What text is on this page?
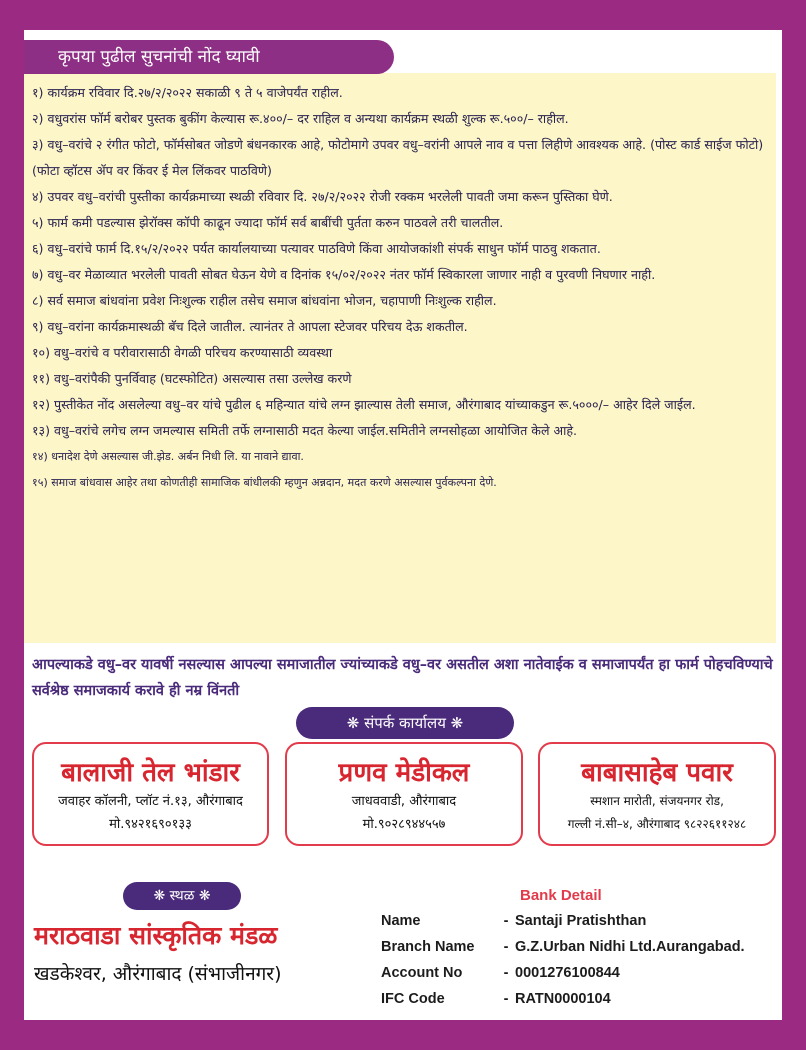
कृपया पुढील सुचनांची नोंद घ्यावी
१) कार्यक्रम रविवार दि.२७/२/२०२२ सकाळी ९ ते ५ वाजेपर्यंत राहील.
२) वधुवरांस फॉर्म बरोबर पुस्तक बुकींग केल्यास रू.४००/– दर राहिल व अन्यथा कार्यक्रम स्थळी शुल्क रू.५००/– राहील.
३) वधु–वरांचे २ रंगीत फोटो, फॉर्मसोबत जोडणे बंधनकारक आहे, फोटोमागे उपवर वधु–वरांनी आपले नाव व पत्ता लिहीणे आवश्यक आहे. (पोस्ट कार्ड साईज फोटो) (फोटा व्हॉटस ॲप वर किंवर ई मेल लिंकवर पाठविणे)
४) उपवर वधु–वरांची पुस्तीका कार्यक्रमाच्या स्थळी रविवार दि. २७/२/२०२२ रोजी रक्कम भरलेली पावती जमा करून पुस्तिका घेणे.
५) फार्म कमी पडल्यास झेरॉक्स कॉपी काढून ज्यादा फॉर्म सर्व बाबींची पुर्तता करुन पाठवले तरी चालतील.
६) वधु–वरांचे फार्म दि.१५/२/२०२२ पर्यत कार्यालयाच्या पत्यावर पाठविणे किंवा आयोजकांशी संपर्क साधुन फॉर्म पाठवु शकतात.
७) वधु–वर मेळाव्यात भरलेली पावती सोबत घेऊन येणे व दिनांक १५/०२/२०२२ नंतर फॉर्म स्विकारला जाणार नाही व पुरवणी निघणार नाही.
८) सर्व समाज बांधवांना प्रवेश निःशुल्क राहील तसेच समाज बांधवांना भोजन, चहापाणी निःशुल्क राहील.
९) वधु–वरांना कार्यक्रमास्थळी बॅच दिले जातील. त्यानंतर ते आपला स्टेजवर परिचय देऊ शकतील.
१०) वधु–वरांचे व परीवारासाठी वेगळी परिचय करण्यासाठी व्यवस्था
११) वधु–वरांपैकी पुनर्विवाह (घटस्फोटित) असल्यास तसा उल्लेख करणे
१२) पुस्तीकेत नोंद असलेल्या वधु–वर यांचे पुढील ६ महिन्यात यांचे लग्न झाल्यास तेली समाज, औरंगाबाद यांच्याकडुन रू.५०००/– आहेर दिले जाईल.
१३) वधु–वरांचे लगेच लग्न जमल्यास समिती तर्फे लग्नासाठी मदत केल्या जाईल.समितीने लग्नसोहळा आयोजित केले आहे.
१४) धनादेश देणे असल्यास जी.झेड. अर्बन निधी लि. या नावाने द्यावा.
१५) समाज बांधवास आहेर तथा कोणतीही सामाजिक बांधीलकी म्हणुन अन्नदान, मदत करणे असल्यास पुर्वकल्पना देणे.
आपल्याकडे वधु–वर यावर्षी नसल्यास आपल्या समाजातील ज्यांच्याकडे वधु–वर असतील अशा नातेवाईक व समाजापर्यंत हा फार्म पोहचविण्याचे सर्वश्रेष्ठ समाजकार्य करावे ही नम्र विंनती
❋ संपर्क कार्यालय ❋
बालाजी तेल भांडार
जवाहर कॉलनी, प्लॉट नं.१३, औरंगाबाद
मो.९४२१६९०१३३
प्रणव मेडीकल
जाधववाडी, औरंगाबाद
मो.९०२८९४४५५७
बाबासाहेब पवार
स्मशान मारोती, संजयनगर रोड,
गल्ली नं.सी–४, औरंगाबाद ९८२२६११२४८
❋ स्थळ ❋
मराठवाडा सांस्कृतिक मंडळ
खडकेश्वर, औरंगाबाद (संभाजीनगर)
Bank Detail
Name	-	Santaji Pratishthan
Branch Name	-	G.Z.Urban Nidhi Ltd.Aurangabad.
Account No	-	0001276100844
IFC Code	-	RATN0000104
